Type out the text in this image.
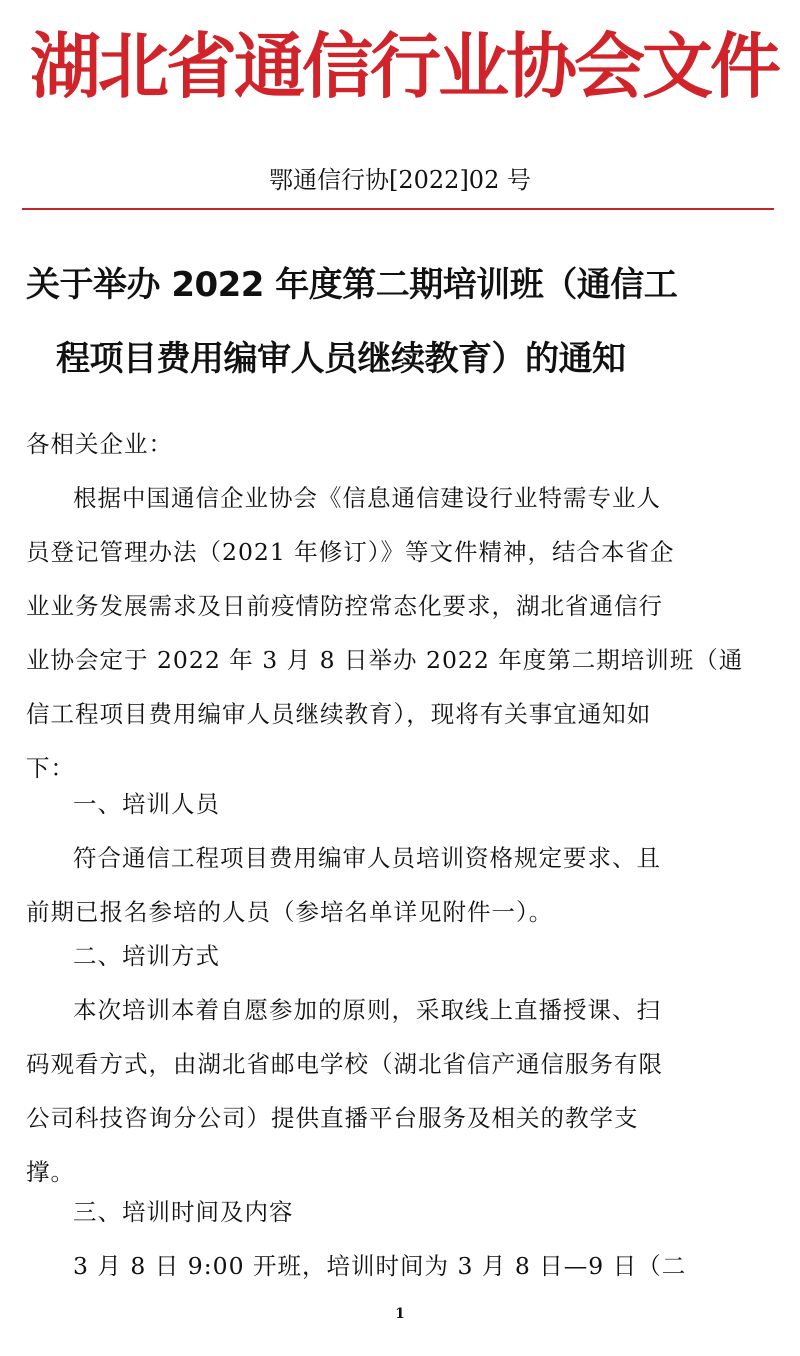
湖北省通信行业协会文件
鄂通信行协[2022]02 号
关于举办 2022 年度第二期培训班（通信工
程项目费用编审人员继续教育）的通知
各相关企业：
根据中国通信企业协会《信息通信建设行业特需专业人
员登记管理办法（2021 年修订）》等文件精神，结合本省企
业业务发展需求及日前疫情防控常态化要求，湖北省通信行
业协会定于 2022 年 3 月 8 日举办 2022 年度第二期培训班（通
信工程项目费用编审人员继续教育），现将有关事宜通知如
下：
一、培训人员
符合通信工程项目费用编审人员培训资格规定要求、且
前期已报名参培的人员（参培名单详见附件一）。
二、培训方式
本次培训本着自愿参加的原则，采取线上直播授课、扫
码观看方式，由湖北省邮电学校（湖北省信产通信服务有限
公司科技咨询分公司）提供直播平台服务及相关的教学支
撑。
三、培训时间及内容
3 月 8 日 9:00 开班，培训时间为 3 月 8 日—9 日（二
1
